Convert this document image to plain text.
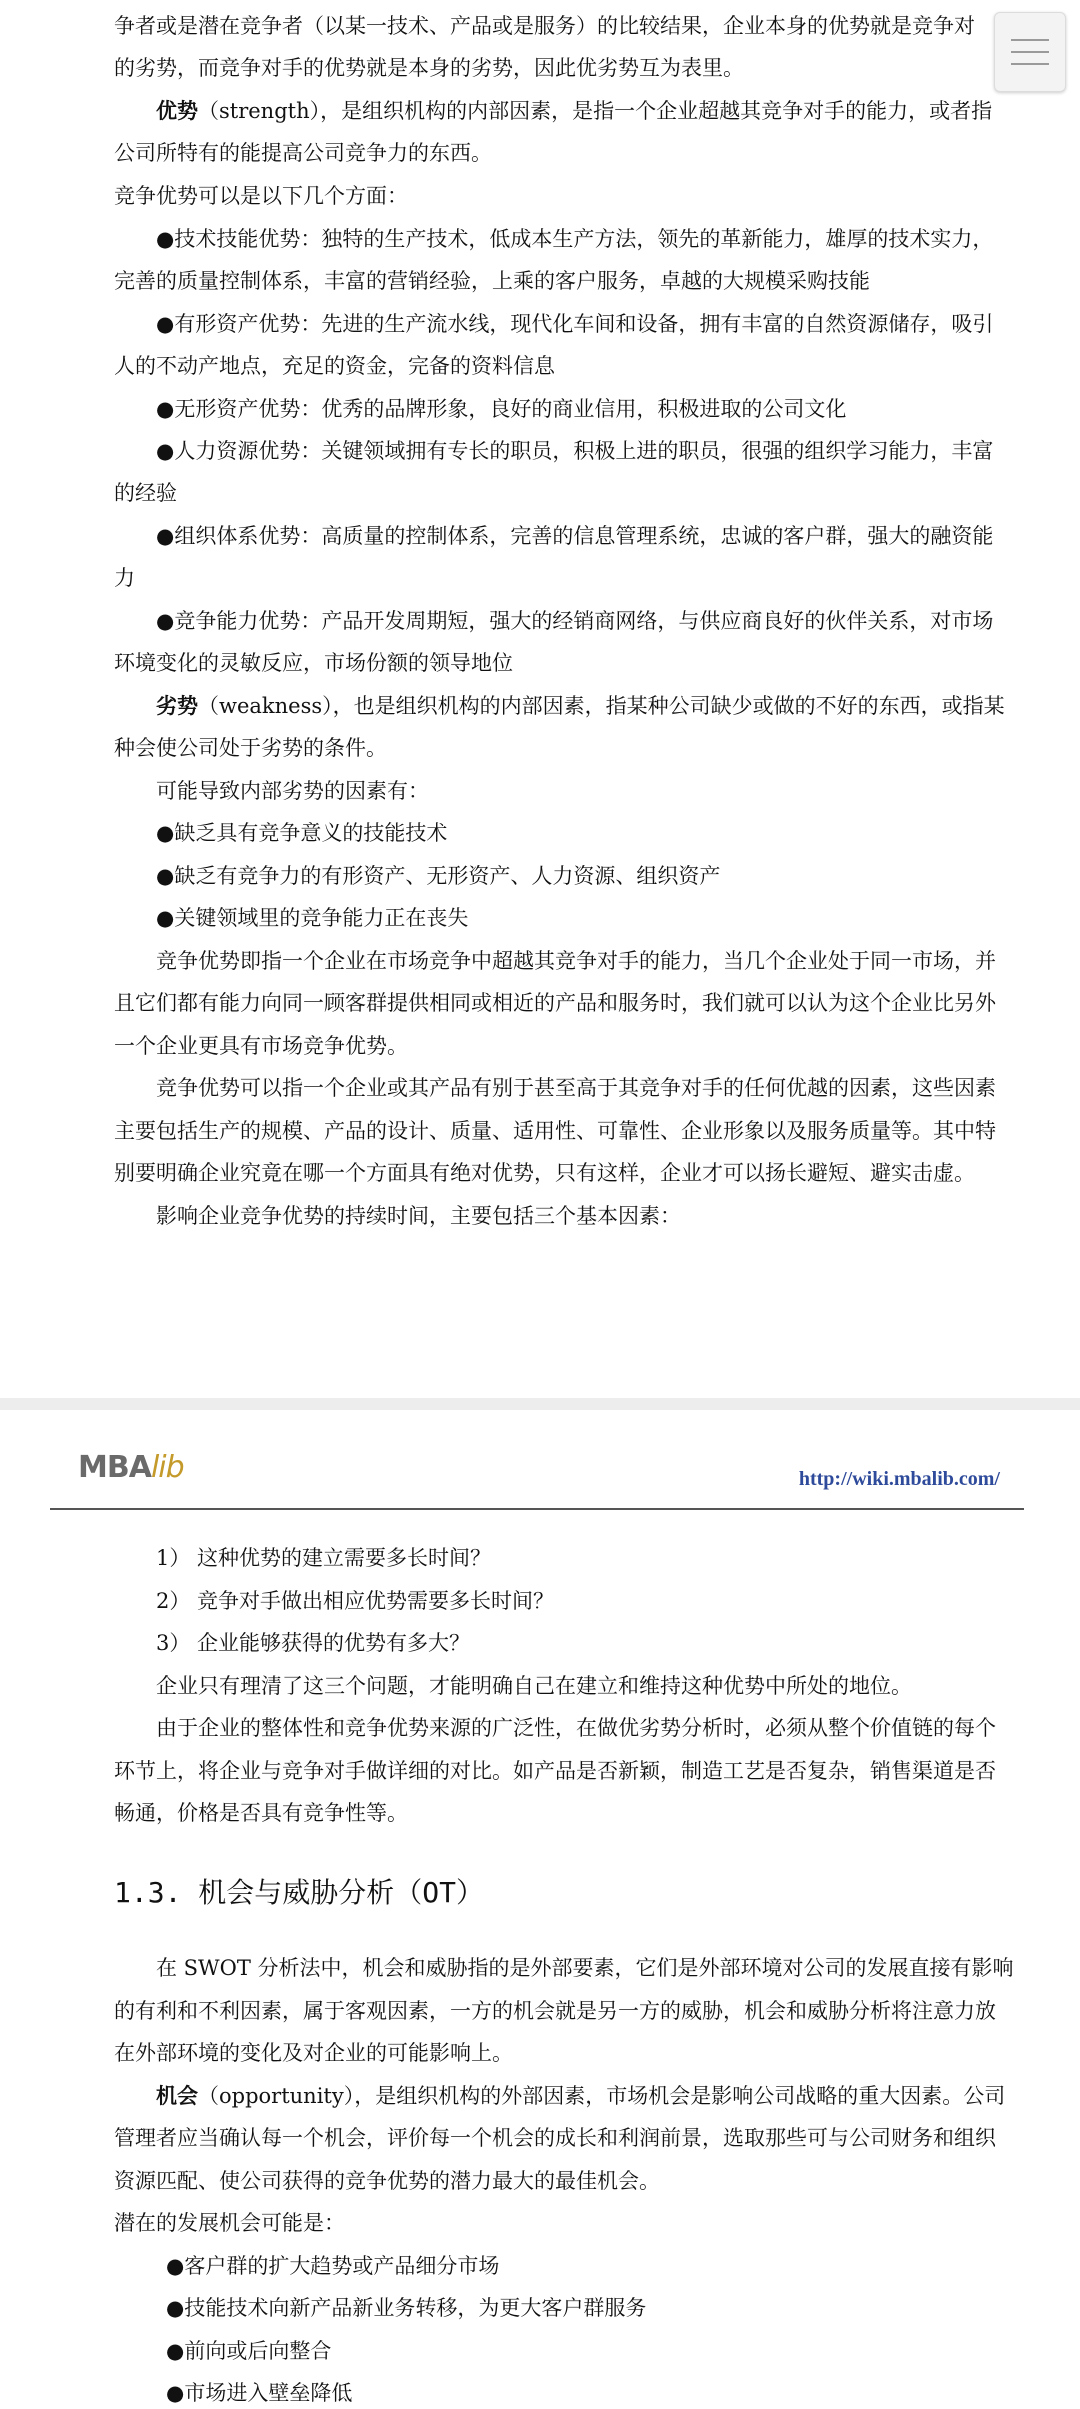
争者或是潜在竞争者（以某一技术、产品或是服务）的比较结果，企业本身的优势就是竞争对
的劣势，而竞争对手的优势就是本身的劣势，因此优劣势互为表里。
优势（strength），是组织机构的内部因素，是指一个企业超越其竞争对手的能力，或者指
公司所特有的能提高公司竞争力的东西。
竞争优势可以是以下几个方面：
●技术技能优势：独特的生产技术，低成本生产方法，领先的革新能力，雄厚的技术实力，
完善的质量控制体系，丰富的营销经验，上乘的客户服务，卓越的大规模采购技能
●有形资产优势：先进的生产流水线，现代化车间和设备，拥有丰富的自然资源储存，吸引
人的不动产地点，充足的资金，完备的资料信息
●无形资产优势：优秀的品牌形象，良好的商业信用，积极进取的公司文化
●人力资源优势：关键领域拥有专长的职员，积极上进的职员，很强的组织学习能力，丰富
的经验
●组织体系优势：高质量的控制体系，完善的信息管理系统，忠诚的客户群，强大的融资能
力
●竞争能力优势：产品开发周期短，强大的经销商网络，与供应商良好的伙伴关系，对市场
环境变化的灵敏反应，市场份额的领导地位
劣势（weakness），也是组织机构的内部因素，指某种公司缺少或做的不好的东西，或指某
种会使公司处于劣势的条件。
可能导致内部劣势的因素有：
●缺乏具有竞争意义的技能技术
●缺乏有竞争力的有形资产、无形资产、人力资源、组织资产
●关键领域里的竞争能力正在丧失
竞争优势即指一个企业在市场竞争中超越其竞争对手的能力，当几个企业处于同一市场，并
且它们都有能力向同一顾客群提供相同或相近的产品和服务时，我们就可以认为这个企业比另外
一个企业更具有市场竞争优势。
竞争优势可以指一个企业或其产品有别于甚至高于其竞争对手的任何优越的因素，这些因素
主要包括生产的规模、产品的设计、质量、适用性、可靠性、企业形象以及服务质量等。其中特
别要明确企业究竟在哪一个方面具有绝对优势，只有这样，企业才可以扬长避短、避实击虚。
影响企业竞争优势的持续时间，主要包括三个基本因素：
MBAlib	http://wiki.mbalib.com/
1） 这种优势的建立需要多长时间？
2） 竞争对手做出相应优势需要多长时间？
3） 企业能够获得的优势有多大？
企业只有理清了这三个问题，才能明确自己在建立和维持这种优势中所处的地位。
由于企业的整体性和竞争优势来源的广泛性，在做优劣势分析时，必须从整个价值链的每个
环节上，将企业与竞争对手做详细的对比。如产品是否新颖，制造工艺是否复杂，销售渠道是否
畅通，价格是否具有竞争性等。
1.3. 机会与威胁分析（OT）
在 SWOT 分析法中，机会和威胁指的是外部要素，它们是外部环境对公司的发展直接有影响
的有利和不利因素，属于客观因素，一方的机会就是另一方的威胁，机会和威胁分析将注意力放
在外部环境的变化及对企业的可能影响上。
机会（opportunity），是组织机构的外部因素，市场机会是影响公司战略的重大因素。公司
管理者应当确认每一个机会，评价每一个机会的成长和利润前景，选取那些可与公司财务和组织
资源匹配、使公司获得的竞争优势的潜力最大的最佳机会。
潜在的发展机会可能是：
●客户群的扩大趋势或产品细分市场
●技能技术向新产品新业务转移，为更大客户群服务
●前向或后向整合
●市场进入壁垒降低
